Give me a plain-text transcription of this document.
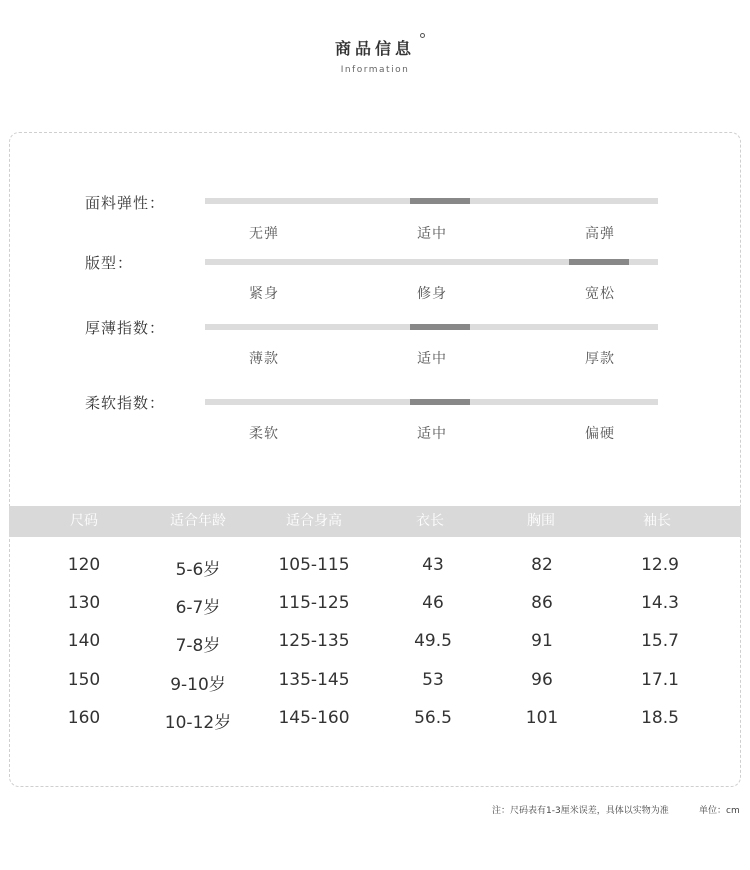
商品信息
Information
面料弹性：
无弹	适中	高弹
版型：
紧身	修身	宽松
厚薄指数：
薄款	适中	厚款
柔软指数：
柔软	适中	偏硬
尺码	适合年龄	适合身高	衣长	胸围	袖长
120	5-6岁	105-115	43	82	12.9
130	6-7岁	115-125	46	86	14.3
140	7-8岁	125-135	49.5	91	15.7
150	9-10岁	135-145	53	96	17.1
160	10-12岁	145-160	56.5	101	18.5
注：尺码表有1-3厘米误差，具体以实物为准	单位：cm
